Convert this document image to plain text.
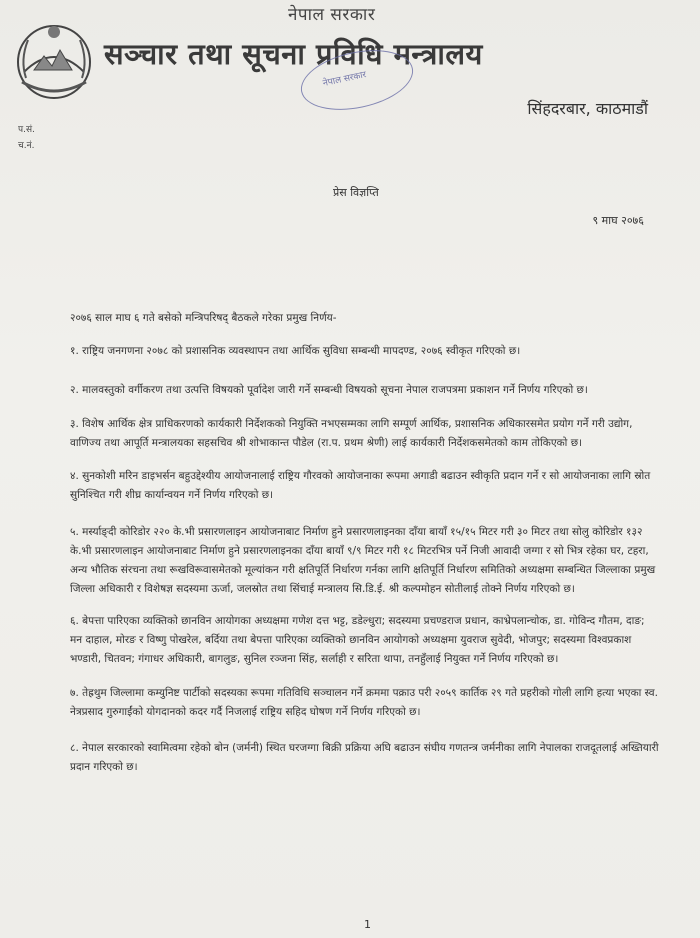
नेपाल सरकार
सञ्चार तथा सूचना प्रविधि मन्त्रालय
नेपाल सरकार
सिंहदरबार, काठमाडौं
प.सं.
च.नं.
प्रेस विज्ञप्ति
९ माघ २०७६
२०७६ साल माघ ६ गते बसेको मन्त्रिपरिषद् बैठकले गरेका प्रमुख निर्णय-

१. राष्ट्रिय जनगणना २०७८ को प्रशासनिक व्यवस्थापन तथा आर्थिक सुविधा सम्बन्धी मापदण्ड, २०७६ स्वीकृत गरिएको छ।

२. मालवस्तुको वर्गीकरण तथा उत्पत्ति विषयको पूर्वादेश जारी गर्ने सम्बन्धी विषयको सूचना नेपाल राजपत्रमा प्रकाशन गर्ने निर्णय गरिएको छ।

३. विशेष आर्थिक क्षेत्र प्राधिकरणको कार्यकारी निर्देशकको नियुक्ति नभएसम्मका लागि सम्पूर्ण आर्थिक, प्रशासनिक अधिकारसमेत प्रयोग गर्ने गरी उद्योग, वाणिज्य तथा आपूर्ति मन्त्रालयका सहसचिव श्री शोभाकान्त पौडेल (रा.प. प्रथम श्रेणी) लाई कार्यकारी निर्देशकसमेतको काम तोकिएको छ।

४. सुनकोशी मरिन डाइभर्सन बहुउद्देश्यीय आयोजनालाई राष्ट्रिय गौरवको आयोजनाका रूपमा अगाडी बढाउन स्वीकृति प्रदान गर्ने र सो आयोजनाका लागि स्रोत सुनिश्चित गरी शीघ्र कार्यान्वयन गर्ने निर्णय गरिएको छ।

५. मर्स्याङ्दी कोरिडोर २२० के.भी प्रसारणलाइन आयोजनाबाट निर्माण हुने प्रसारणलाइनका दाँया बायाँ १५/१५ मिटर गरी ३० मिटर तथा सोलु कोरिडोर १३२ के.भी प्रसारणलाइन आयोजनाबाट निर्माण हुने प्रसारणलाइनका दाँया बायाँ ९/९ मिटर गरी १८ मिटरभित्र पर्ने निजी आवादी जग्गा र सो भित्र रहेका घर, टहरा, अन्य भौतिक संरचना तथा रूखविरूवासमेतको मूल्यांकन गरी क्षतिपूर्ति निर्धारण गर्नका लागि क्षतिपूर्ति निर्धारण समितिको अध्यक्षमा सम्बन्धित जिल्लाका प्रमुख जिल्ला अधिकारी र विशेषज्ञ सदस्यमा ऊर्जा, जलस्रोत तथा सिंचाई मन्त्रालय सि.डि.ई. श्री कल्पमोहन सोतीलाई तोक्ने निर्णय गरिएको छ।

६. बेपत्ता पारिएका व्यक्तिको छानविन आयोगका अध्यक्षमा गणेश दत्त भट्ट, डडेल्धुरा; सदस्यमा प्रचण्डराज प्रधान, काभ्रेपलान्चोक, डा. गोविन्द गौतम, दाङ; मन दाहाल, मोरङ र विष्णु पोखरेल, बर्दिया तथा बेपत्ता पारिएका व्यक्तिको छानविन आयोगको अध्यक्षमा युवराज सुवेदी, भोजपुर; सदस्यमा विश्वप्रकाश भण्डारी, चितवन; गंगाधर अधिकारी, बागलुङ, सुनिल रञ्जना सिंह, सर्लाही र सरिता थापा, तनहुँलाई नियुक्त गर्ने निर्णय गरिएको छ।

७. तेह्रथुम जिल्लामा कम्युनिष्ट पार्टीको सदस्यका रूपमा गतिविधि सञ्चालन गर्ने क्रममा पक्राउ परी २०५९ कार्तिक २९ गते प्रहरीको गोली लागि हत्या भएका स्व. नेत्रप्रसाद गुरुगाईंको योगदानको कदर गर्दै निजलाई राष्ट्रिय सहिद घोषण गर्ने निर्णय गरिएको छ।

८. नेपाल सरकारको स्वामित्वमा रहेको बोन (जर्मनी) स्थित घरजग्गा बिक्री प्रक्रिया अघि बढाउन संघीय गणतन्त्र जर्मनीका लागि नेपालका राजदूतलाई अख्तियारी प्रदान गरिएको छ।

1
